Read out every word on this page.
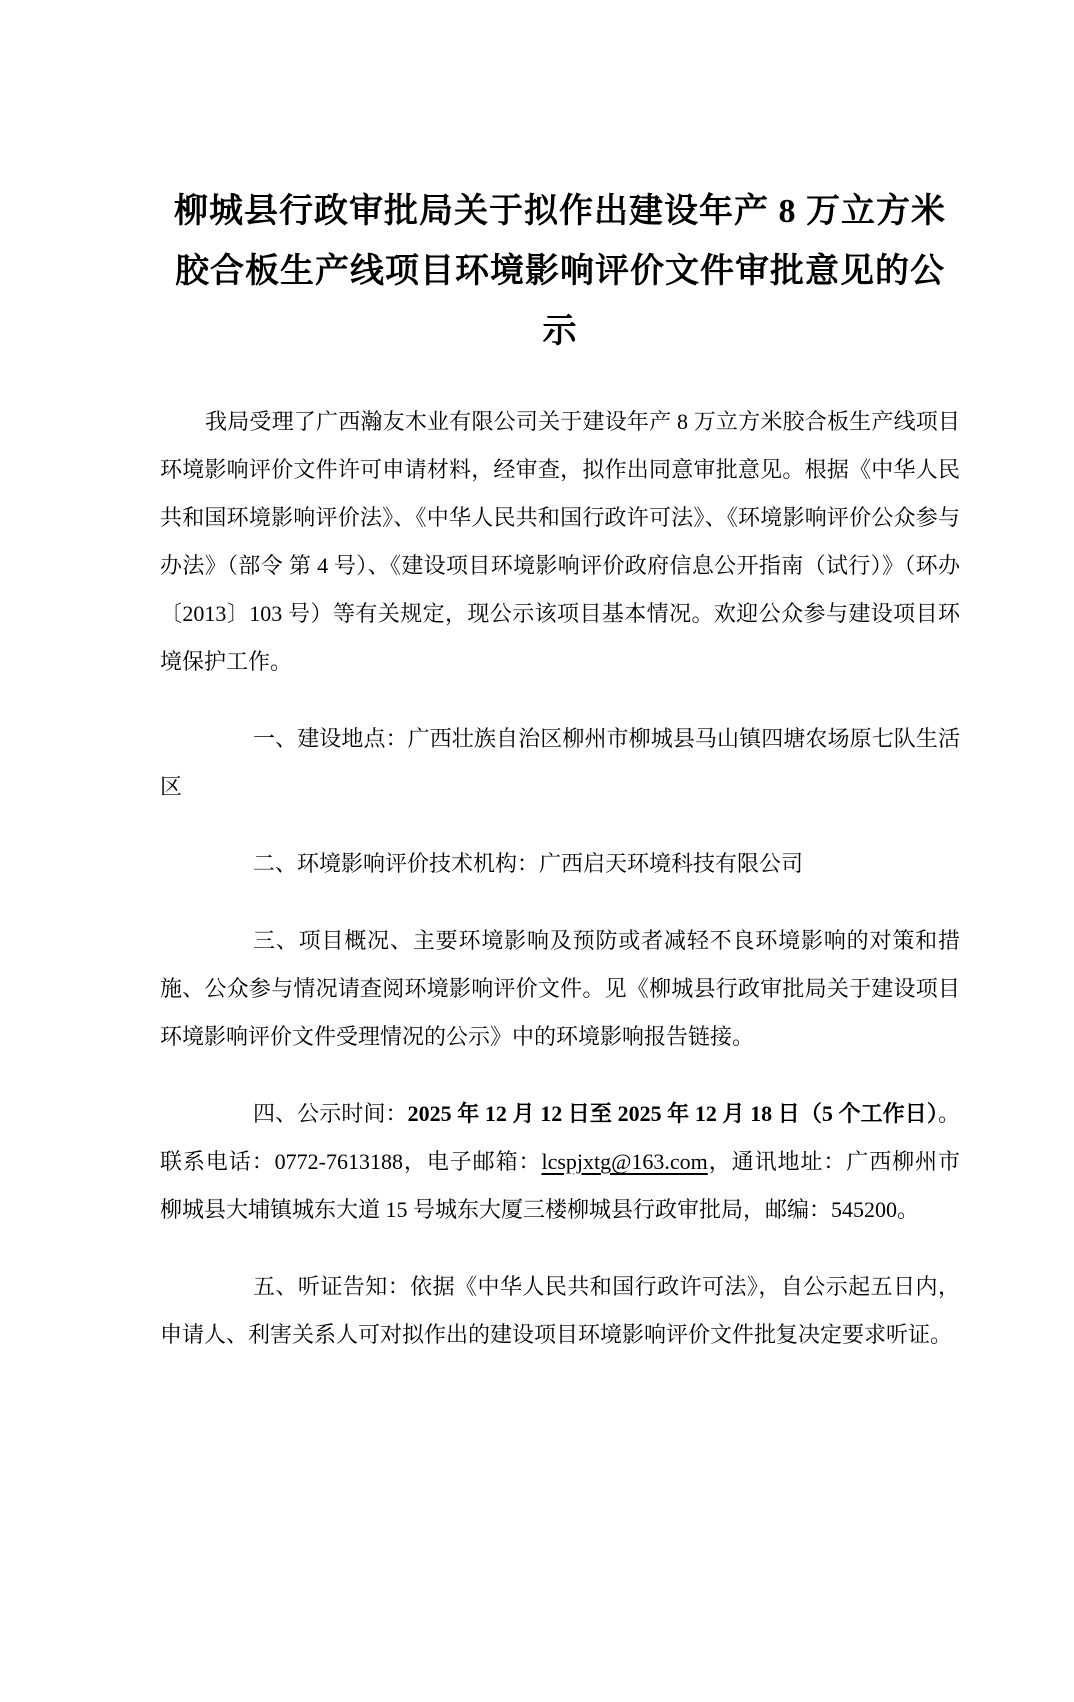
柳城县行政审批局关于拟作出建设年产 8 万立方米胶合板生产线项目环境影响评价文件审批意见的公示

我局受理了广西瀚友木业有限公司关于建设年产 8 万立方米胶合板生产线项目环境影响评价文件许可申请材料，经审查，拟作出同意审批意见。根据《中华人民共和国环境影响评价法》、《中华人民共和国行政许可法》、《环境影响评价公众参与办法》（部令 第 4 号）、《建设项目环境影响评价政府信息公开指南（试行）》（环办〔2013〕103 号）等有关规定，现公示该项目基本情况。欢迎公众参与建设项目环境保护工作。

一、建设地点：广西壮族自治区柳州市柳城县马山镇四塘农场原七队生活区

二、环境影响评价技术机构：广西启天环境科技有限公司

三、项目概况、主要环境影响及预防或者减轻不良环境影响的对策和措施、公众参与情况请查阅环境影响评价文件。见《柳城县行政审批局关于建设项目环境影响评价文件受理情况的公示》中的环境影响报告链接。

四、公示时间：2025 年 12 月 12 日至 2025 年 12 月 18 日（5 个工作日）。联系电话：0772-7613188，电子邮箱：lcspjxtg@163.com，通讯地址：广西柳州市柳城县大埔镇城东大道 15 号城东大厦三楼柳城县行政审批局，邮编：545200。

五、听证告知：依据《中华人民共和国行政许可法》，自公示起五日内，申请人、利害关系人可对拟作出的建设项目环境影响评价文件批复决定要求听证。
